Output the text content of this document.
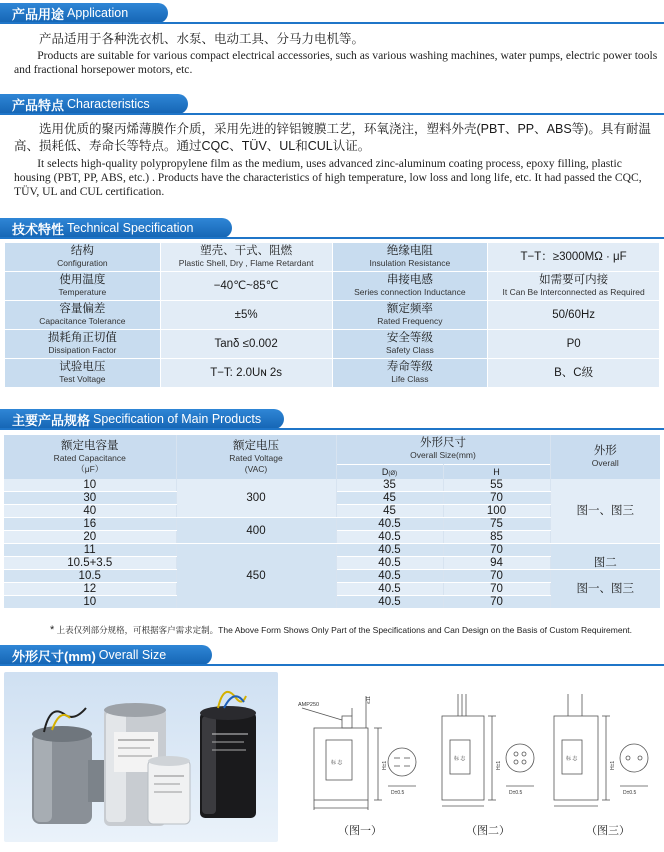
产品用途 Application
产品适用于各种洗衣机、水泵、电动工具、分马力电机等。
Products are suitable for various compact electrical accessories, such as various washing machines, water pumps, electric power tools and fractional horsepower motors, etc.
产品特点 Characteristics
选用优质的聚丙烯薄膜作介质，采用先进的锌铝镀膜工艺，环氧浇注，塑料外壳(PBT、PP、ABS等)。具有耐温高、损耗低、寿命长等特点。通过CQC、TÜV、UL和CUL认证。
It selects high-quality polypropylene film as the medium, uses advanced zinc-aluminum coating process, epoxy filling, plastic housing (PBT, PP, ABS, etc.) . Products have the characteristics of high temperature, low loss and long life, etc. It had passed the CQC, TÜV, UL and CUL certification.
技术特性 Technical Specification
结构
Configuration	塑壳、干式、阻燃
Plastic Shell, Dry , Flame Retardant	绝缘电阻
Insulation Resistance	T−T：≥3000MΩ · μF

使用温度
Temperature	−40℃~85℃	串接电感
Series connection Inductance	如需要可内接
It Can Be Interconnected as Required

容量偏差
Capacitance Tolerance	±5%	额定频率
Rated Frequency	50/60Hz

损耗角正切值
Dissipation Factor	Tanδ ≤0.002	安全等级
Safety Class	P0

试验电压
Test Voltage	T−T: 2.0Uɴ 2s	寿命等级
Life Class	B、C级
主要产品规格 Specification of Main Products
额定电容量
Rated Capacitance
（μF）	额定电压
Rated Voltage
(VAC)	外形尺寸
Overall Size(mm)		外形
Overall

		D(Ø)	H	
10	300	35	55	图一、图三
30		45	70	
40		45	100	
16	400	40.5	75	
20		40.5	85	
11	450	40.5	70	图二
10.5+3.5		40.5	94	
10.5		40.5	70	图一、图三
12		40.5	70	
10		40.5	70	
* 上表仅列部分规格，可根据客户需求定制。The Above Form Shows Only Part of the Specifications and Can Design on the Basis of Custom Requirement.
外形尺寸(mm) Overall Size
AMP250
≤11
标 志	H±1
D±0.5
标 志
H±1
D±0.5
标 志
H±1
D±0.5
（图一）	（图二）	（图三）
